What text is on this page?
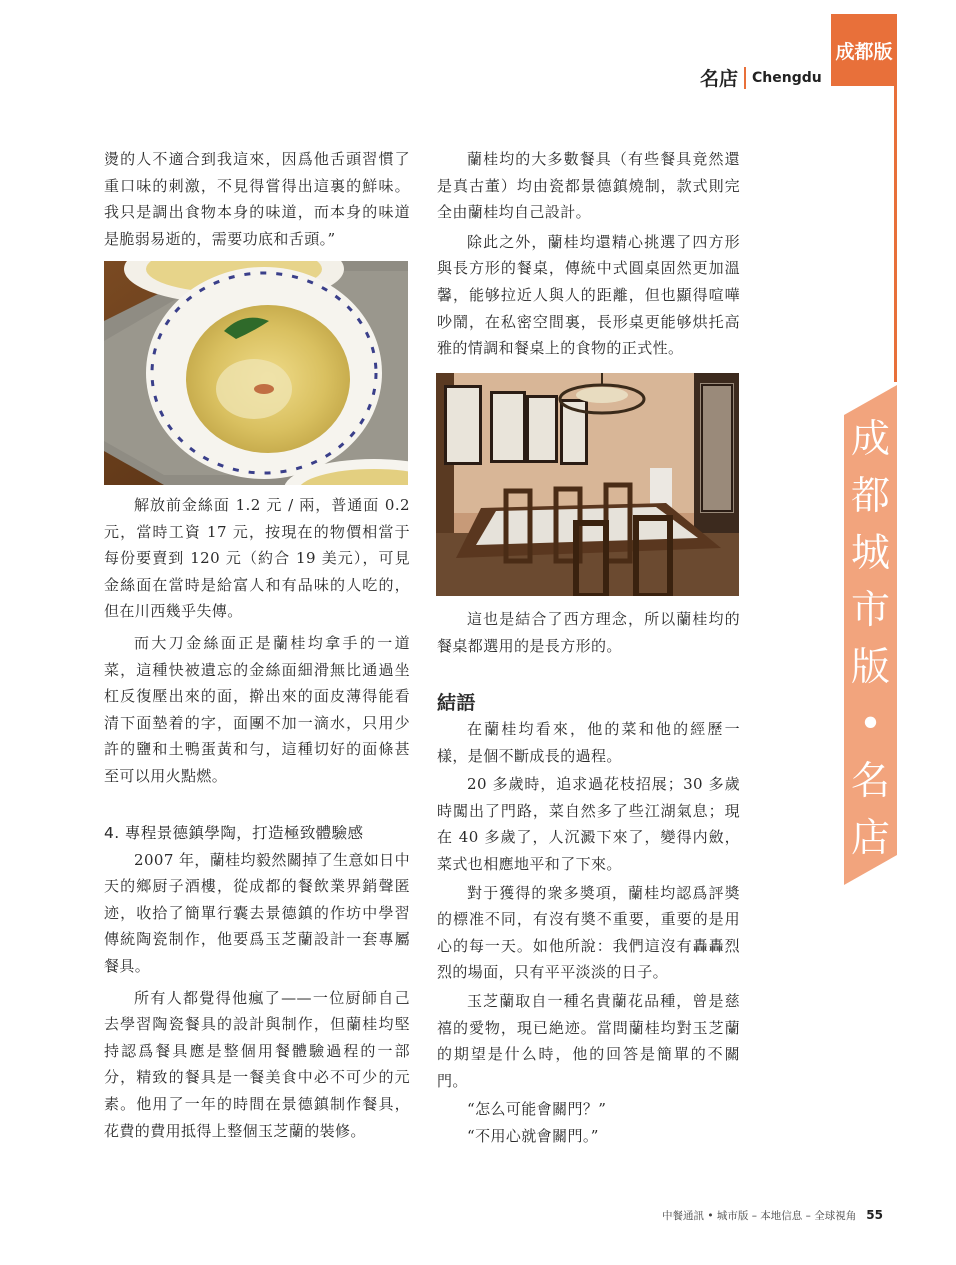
成都版
名店 Chengdu
成都城市版•名店

燙的人不適合到我這來，因爲他舌頭習慣了重口味的刺激，不見得嘗得出這裏的鮮味。我只是調出食物本身的味道，而本身的味道是脆弱易逝的，需要功底和舌頭。”

解放前金絲面 1.2 元 / 兩，普通面 0.2 元，當時工資 17 元，按現在的物價相當于每份要賣到 120 元（約合 19 美元），可見金絲面在當時是給富人和有品味的人吃的，但在川西幾乎失傳。

而大刀金絲面正是蘭桂均拿手的一道菜，這種快被遺忘的金絲面細滑無比通過坐杠反復壓出來的面，擀出來的面皮薄得能看清下面墊着的字，面團不加一滴水，只用少許的鹽和土鴨蛋黃和勻，這種切好的面條甚至可以用火點燃。

4. 專程景德鎮學陶，打造極致體驗感

2007 年，蘭桂均毅然關掉了生意如日中天的鄉厨子酒樓，從成都的餐飲業界銷聲匿迹，收拾了簡單行囊去景德鎮的作坊中學習傳統陶瓷制作，他要爲玉芝蘭設計一套專屬餐具。

所有人都覺得他瘋了——一位厨師自己去學習陶瓷餐具的設計與制作，但蘭桂均堅持認爲餐具應是整個用餐體驗過程的一部分，精致的餐具是一餐美食中必不可少的元素。他用了一年的時間在景德鎮制作餐具，花費的費用抵得上整個玉芝蘭的裝修。

蘭桂均的大多數餐具（有些餐具竟然還是真古董）均由瓷都景德鎮燒制，款式則完全由蘭桂均自己設計。

除此之外，蘭桂均還精心挑選了四方形與長方形的餐桌，傳統中式圓桌固然更加溫馨，能够拉近人與人的距離，但也顯得喧嘩吵鬧，在私密空間裏，長形桌更能够烘托高雅的情調和餐桌上的食物的正式性。

這也是結合了西方理念，所以蘭桂均的餐桌都選用的是長方形的。

結語

在蘭桂均看來，他的菜和他的經歷一樣，是個不斷成長的過程。

20 多歲時，追求過花枝招展；30 多歲時闖出了門路，菜自然多了些江湖氣息；現在 40 多歲了，人沉澱下來了，變得内斂，菜式也相應地平和了下來。

對于獲得的衆多奬項，蘭桂均認爲評奬的標准不同，有沒有奬不重要，重要的是用心的每一天。如他所說：我們這沒有轟轟烈烈的場面，只有平平淡淡的日子。

玉芝蘭取自一種名貴蘭花品種，曾是慈禧的愛物，現已絶迹。當問蘭桂均對玉芝蘭的期望是什么時，他的回答是簡單的不關門。

“怎么可能會關門？”

“不用心就會關門。”

中餐通訊 • 城市版 – 本地信息 – 全球視角 55
